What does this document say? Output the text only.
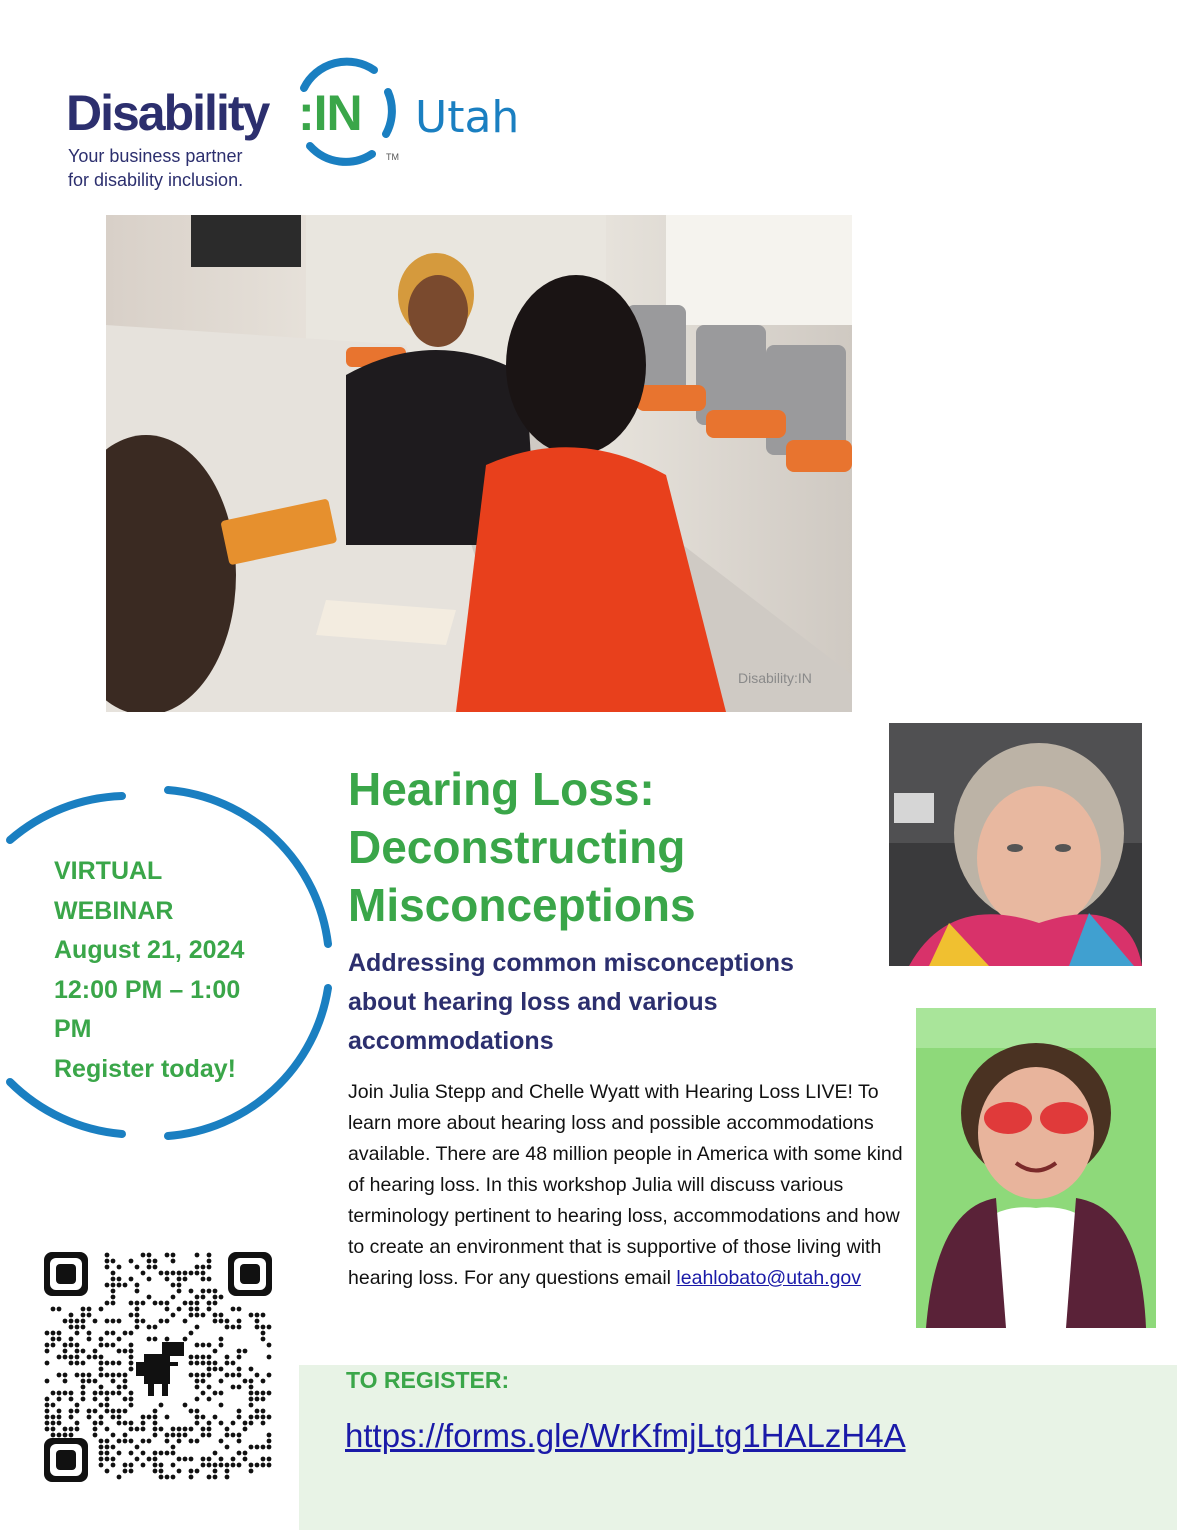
Disability :IN Utah
TM
Your business partner
for disability inclusion.
Disability:IN
VIRTUAL
WEBINAR
August 21, 2024
12:00 PM – 1:00
PM
Register today!
Hearing Loss:
Deconstructing
Misconceptions
Addressing common misconceptions about hearing loss and various accommodations
Join Julia Stepp and Chelle Wyatt with Hearing Loss LIVE! To learn more about hearing loss and possible accommodations available. There are 48 million people in America with some kind of hearing loss. In this workshop Julia will discuss various terminology pertinent to hearing loss, accommodations and how to create an environment that is supportive of those living with hearing loss. For any questions email leahlobato@utah.gov
TO REGISTER:
https://forms.gle/WrKfmjLtg1HALzH4A
